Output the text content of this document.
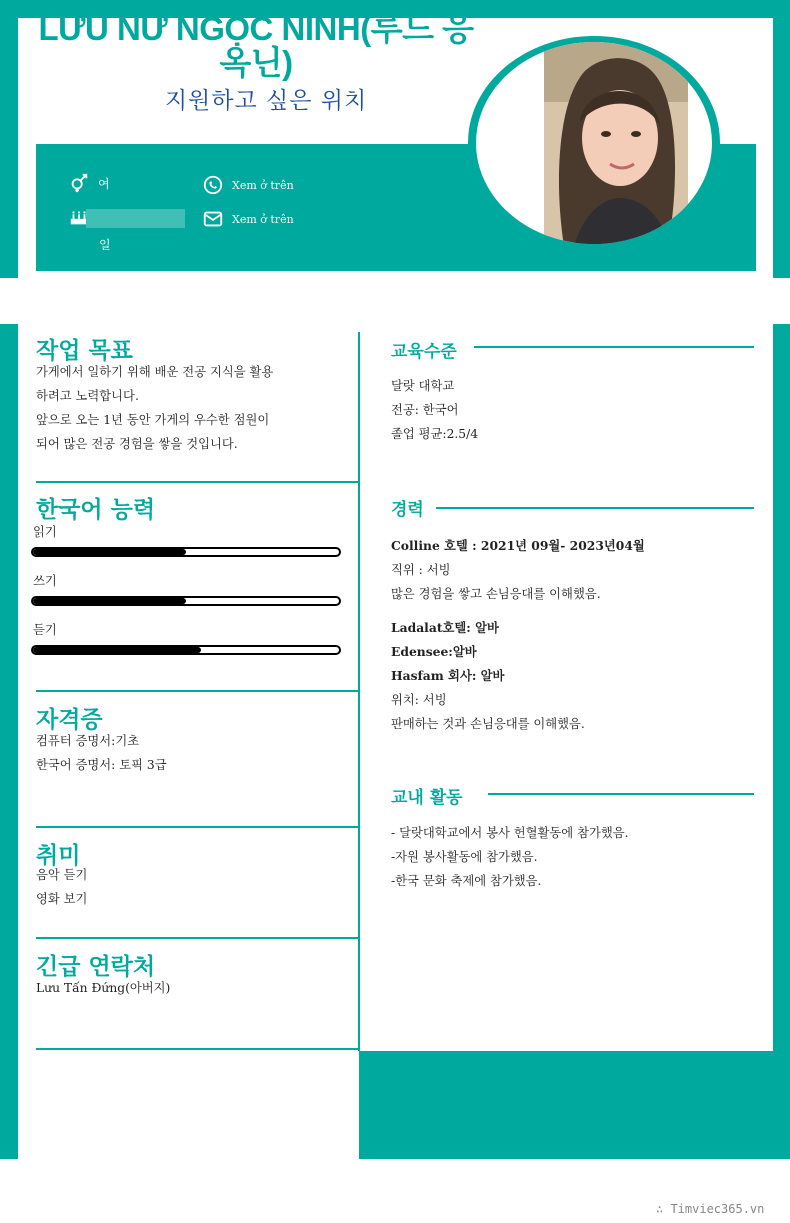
LƯU NỮ NGỌC NINH(루느 응옥닌)
지원하고 싶은 위치
여	Xem ở trên
Xem ở trên
일
작업 목표
가게에서 일하기 위해 배운 전공 지식을 활용
하려고 노력합니다.
앞으로 오는 1년 동안 가게의 우수한 점원이
되어 많은 전공 경험을 쌓을 것입니다.
한국어 능력
읽기
쓰기
듣기
자격증
컴퓨터 증명서:기초
한국어 증명서: 토픽 3급
취미
음악 듣기
영화 보기
긴급 연락처
Lưu Tấn Đứng(아버지)
교육수준
달랏 대학교
전공: 한국어
졸업 평균:2.5/4
경력
Colline 호텔 : 2021년 09월- 2023년04월
직위 : 서빙
많은 경험을 쌓고 손님응대를 이해했음.
Ladalat호텔: 알바
Edensee:알바
Hasfam 회사: 알바
위치: 서빙
판매하는 것과 손님응대를 이해했음.
교내 활동
- 달랏대학교에서 봉사 헌혈활동에 참가했음.
-자원 봉사활동에 참가했음.
-한국 문화 축제에 참가했음.
∴ Timviec365.vn
